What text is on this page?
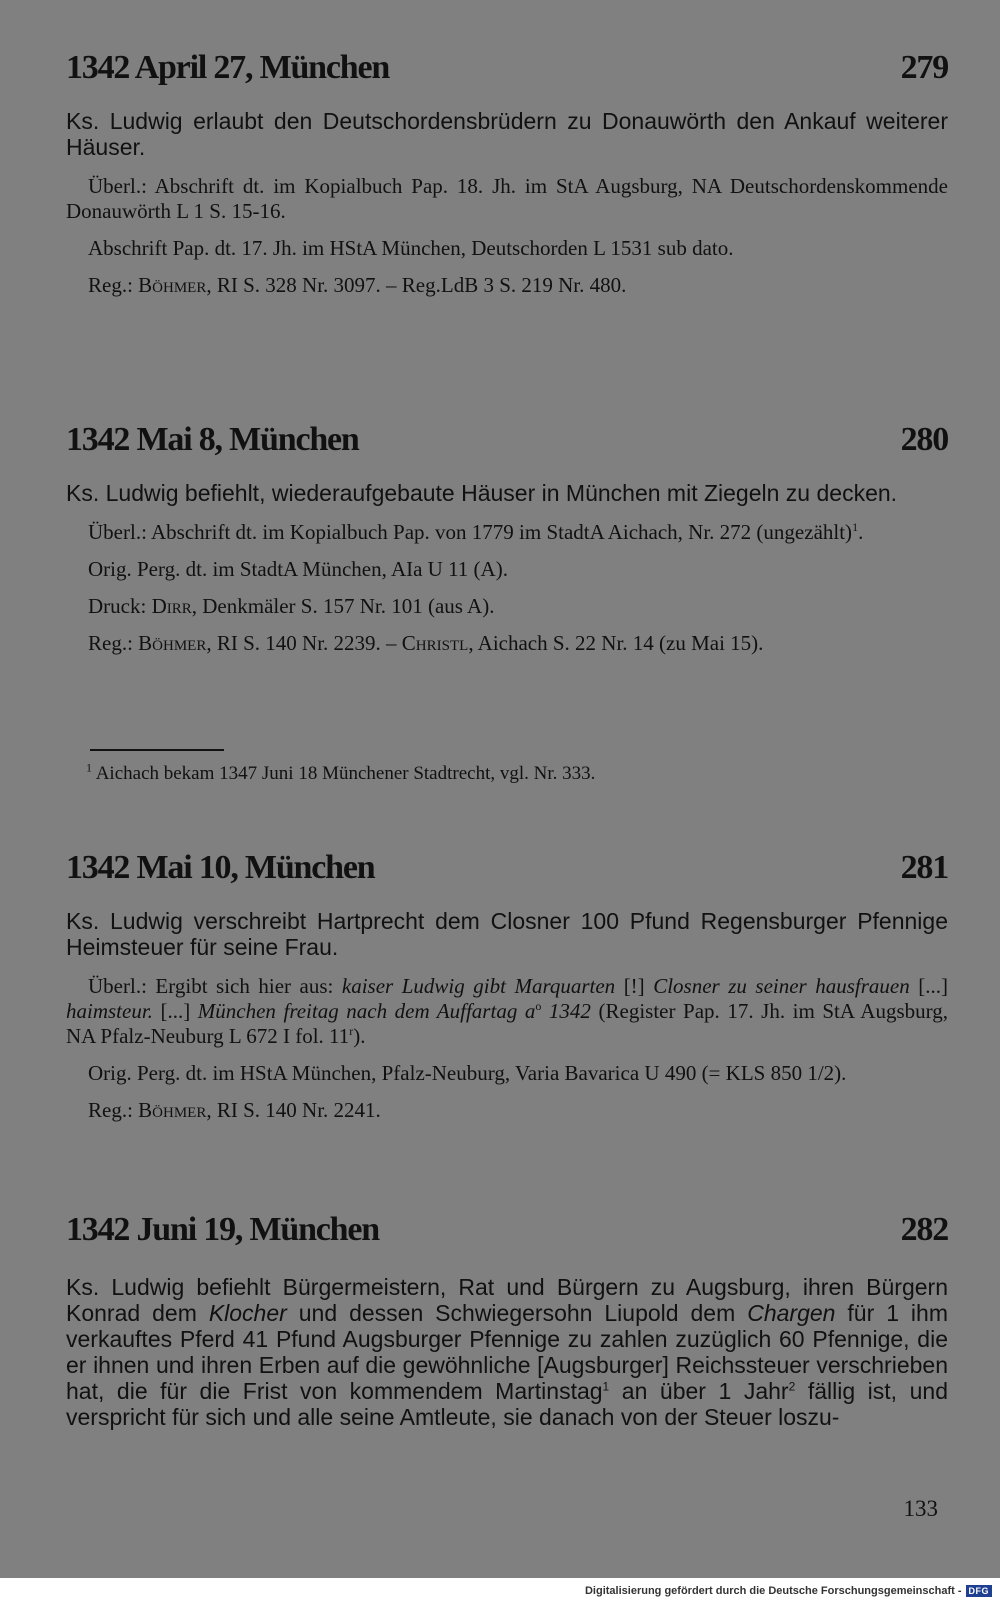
1342 April 27, München	279
Ks. Ludwig erlaubt den Deutschordensbrüdern zu Donauwörth den Ankauf weiterer Häuser.
Überl.: Abschrift dt. im Kopialbuch Pap. 18. Jh. im StA Augsburg, NA Deutschordenskommende Donauwörth L 1 S. 15-16.
Abschrift Pap. dt. 17. Jh. im HStA München, Deutschorden L 1531 sub dato.
Reg.: Böhmer, RI S. 328 Nr. 3097. – Reg.LdB 3 S. 219 Nr. 480.
1342 Mai 8, München	280
Ks. Ludwig befiehlt, wiederaufgebaute Häuser in München mit Ziegeln zu decken.
Überl.: Abschrift dt. im Kopialbuch Pap. von 1779 im StadtA Aichach, Nr. 272 (ungezählt)$^1$.
Orig. Perg. dt. im StadtA München, AIa U 11 (A).
Druck: Dirr, Denkmäler S. 157 Nr. 101 (aus A).
Reg.: Böhmer, RI S. 140 Nr. 2239. – Christl, Aichach S. 22 Nr. 14 (zu Mai 15).
$^1$ Aichach bekam 1347 Juni 18 Münchener Stadtrecht, vgl. Nr. 333.
1342 Mai 10, München	281
Ks. Ludwig verschreibt Hartprecht dem Closner 100 Pfund Regensburger Pfennige Heimsteuer für seine Frau.
Überl.: Ergibt sich hier aus: kaiser Ludwig gibt Marquarten [!] Closner zu seiner hausfrauen [...] haimsteur. [...] München freitag nach dem Auffartag $a^o$ 1342 (Register Pap. 17. Jh. im StA Augsburg, NA Pfalz-Neuburg L 672 I fol. 11$^r$).
Orig. Perg. dt. im HStA München, Pfalz-Neuburg, Varia Bavarica U 490 (= KLS 850 1/2).
Reg.: Böhmer, RI S. 140 Nr. 2241.
1342 Juni 19, München	282
Ks. Ludwig befiehlt Bürgermeistern, Rat und Bürgern zu Augsburg, ihren Bürgern Konrad dem Klocher und dessen Schwiegersohn Liupold dem Chargen für 1 ihm verkauftes Pferd 41 Pfund Augsburger Pfennige zu zahlen zuzüglich 60 Pfennige, die er ihnen und ihren Erben auf die gewöhnliche [Augsburger] Reichssteuer verschrieben hat, die für die Frist von kommendem Martinstag$^1$ an über 1 Jahr$^2$ fällig ist, und verspricht für sich und alle seine Amtleute, sie danach von der Steuer loszu-
133
Digitalisierung gefördert durch die Deutsche Forschungsgemeinschaft - DFG
